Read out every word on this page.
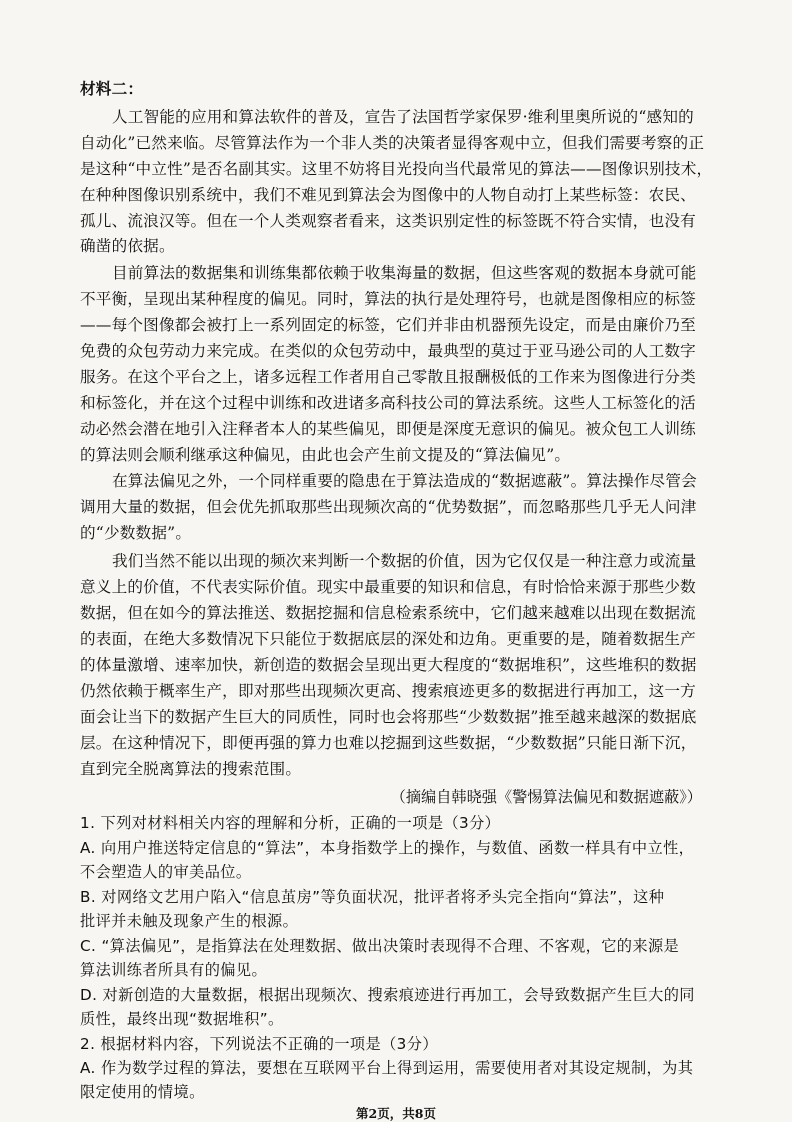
材料二：
人工智能的应用和算法软件的普及，宣告了法国哲学家保罗·维利里奥所说的“感知的
自动化”已然来临。尽管算法作为一个非人类的决策者显得客观中立，但我们需要考察的正
是这种“中立性”是否名副其实。这里不妨将目光投向当代最常见的算法——图像识别技术，
在种种图像识别系统中，我们不难见到算法会为图像中的人物自动打上某些标签：农民、
孤儿、流浪汉等。但在一个人类观察者看来，这类识别定性的标签既不符合实情，也没有
确凿的依据。
目前算法的数据集和训练集都依赖于收集海量的数据，但这些客观的数据本身就可能
不平衡，呈现出某种程度的偏见。同时，算法的执行是处理符号，也就是图像相应的标签
——每个图像都会被打上一系列固定的标签，它们并非由机器预先设定，而是由廉价乃至
免费的众包劳动力来完成。在类似的众包劳动中，最典型的莫过于亚马逊公司的人工数字
服务。在这个平台之上，诸多远程工作者用自己零散且报酬极低的工作来为图像进行分类
和标签化，并在这个过程中训练和改进诸多高科技公司的算法系统。这些人工标签化的活
动必然会潜在地引入注释者本人的某些偏见，即便是深度无意识的偏见。被众包工人训练
的算法则会顺利继承这种偏见，由此也会产生前文提及的“算法偏见”。
在算法偏见之外，一个同样重要的隐患在于算法造成的“数据遮蔽”。算法操作尽管会
调用大量的数据，但会优先抓取那些出现频次高的“优势数据”，而忽略那些几乎无人问津
的“少数数据”。
我们当然不能以出现的频次来判断一个数据的价值，因为它仅仅是一种注意力或流量
意义上的价值，不代表实际价值。现实中最重要的知识和信息，有时恰恰来源于那些少数
数据，但在如今的算法推送、数据挖掘和信息检索系统中，它们越来越难以出现在数据流
的表面，在绝大多数情况下只能位于数据底层的深处和边角。更重要的是，随着数据生产
的体量激增、速率加快，新创造的数据会呈现出更大程度的“数据堆积”，这些堆积的数据
仍然依赖于概率生产，即对那些出现频次更高、搜索痕迹更多的数据进行再加工，这一方
面会让当下的数据产生巨大的同质性，同时也会将那些“少数数据”推至越来越深的数据底
层。在这种情况下，即便再强的算力也难以挖掘到这些数据，“少数数据”只能日渐下沉，
直到完全脱离算法的搜索范围。
（摘编自韩晓强《警惕算法偏见和数据遮蔽》）
1. 下列对材料相关内容的理解和分析，正确的一项是（3分）
A. 向用户推送特定信息的“算法”，本身指数学上的操作，与数值、函数一样具有中立性，
不会塑造人的审美品位。
B. 对网络文艺用户陷入“信息茧房”等负面状况，批评者将矛头完全指向“算法”，这种
批评并未触及现象产生的根源。
C. “算法偏见”，是指算法在处理数据、做出决策时表现得不合理、不客观，它的来源是
算法训练者所具有的偏见。
D. 对新创造的大量数据，根据出现频次、搜索痕迹进行再加工，会导致数据产生巨大的同
质性，最终出现“数据堆积”。
2. 根据材料内容，下列说法不正确的一项是（3分）
A. 作为数学过程的算法，要想在互联网平台上得到运用，需要使用者对其设定规制，为其
限定使用的情境。
第2页，共8页
